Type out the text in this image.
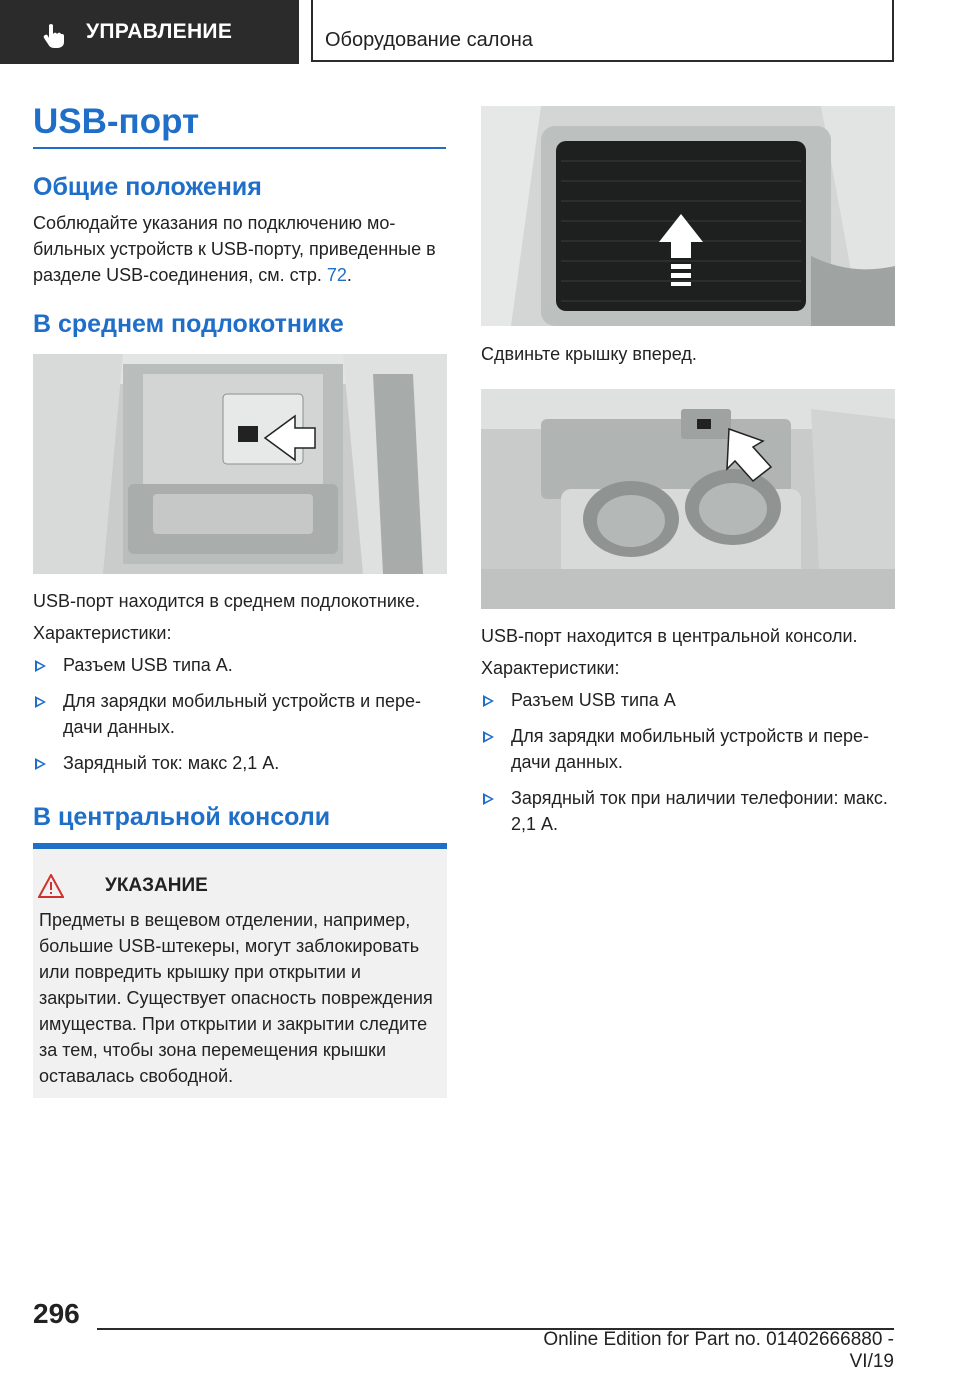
УПРАВЛЕНИЕ	Оборудование салона
USB-порт
Общие положения

Соблюдайте указания по подключению мобильных устройств к USB-порту, приведенные в разделе USB-соединения, см. стр. 72.

В среднем подлокотнике

USB-порт находится в среднем подлокотнике.

Характеристики:

Разъем USB типа А.
Для зарядки мобильный устройств и передачи данных.
Зарядный ток: макс 2,1 А.
В центральной консоли
УКАЗАНИЕ

Предметы в вещевом отделении, например, большие USB-штекеры, могут заблокировать или повредить крышку при открытии и закрытии. Существует опасность повреждения имущества. При открытии и закрытии следите за тем, чтобы зона перемещения крышки оставалась свободной.

Сдвиньте крышку вперед.

USB-порт находится в центральной консоли.

Характеристики:

Разъем USB типа А
Для зарядки мобильный устройств и передачи данных.
Зарядный ток при наличии телефонии: макс. 2,1 А.
296
Online Edition for Part no. 01402666880 - VI/19
